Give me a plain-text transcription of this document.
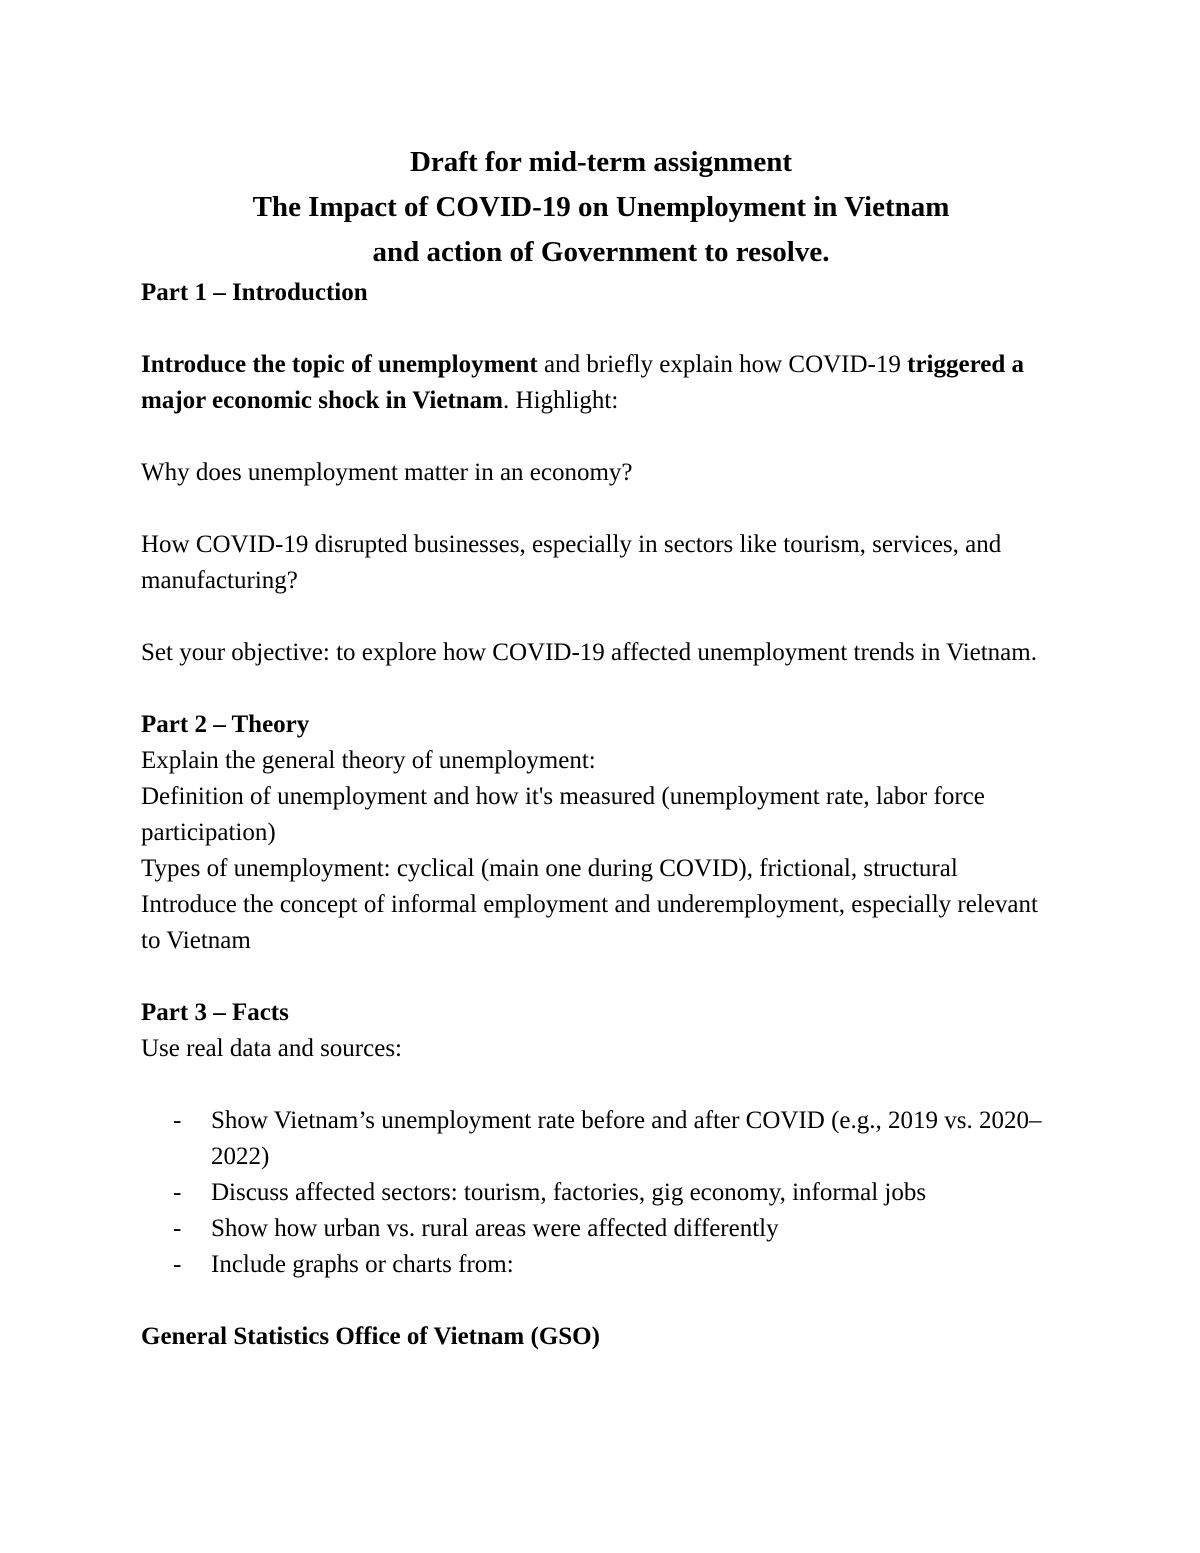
Draft for mid-term assignment
The Impact of COVID-19 on Unemployment in Vietnam
and action of Government to resolve.

Part 1 – Introduction

Introduce the topic of unemployment and briefly explain how COVID-19 triggered a major economic shock in Vietnam. Highlight:

Why does unemployment matter in an economy?

How COVID-19 disrupted businesses, especially in sectors like tourism, services, and manufacturing?

Set your objective: to explore how COVID-19 affected unemployment trends in Vietnam.

Part 2 – Theory

Explain the general theory of unemployment:

Definition of unemployment and how it's measured (unemployment rate, labor force participation)

Types of unemployment: cyclical (main one during COVID), frictional, structural

Introduce the concept of informal employment and underemployment, especially relevant to Vietnam

Part 3 – Facts

Use real data and sources:

- Show Vietnam’s unemployment rate before and after COVID (e.g., 2019 vs. 2020–2022)
- Discuss affected sectors: tourism, factories, gig economy, informal jobs
- Show how urban vs. rural areas were affected differently
- Include graphs or charts from:

General Statistics Office of Vietnam (GSO)
